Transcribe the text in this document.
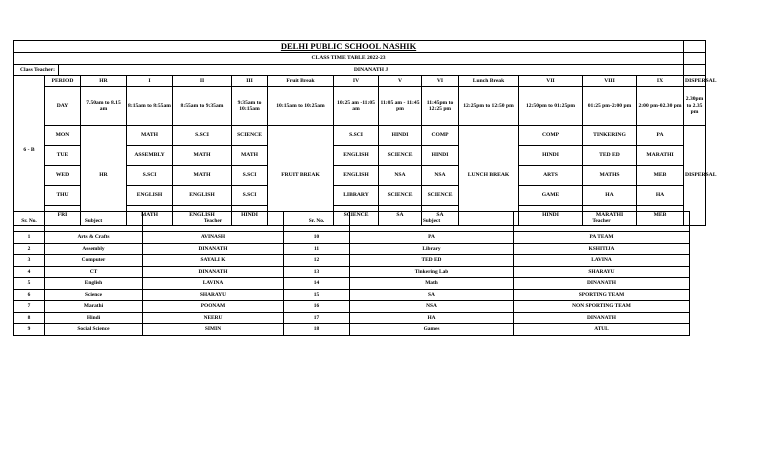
DELHI PUBLIC SCHOOL NASHIK															
CLASS TIME TABLE 2022-23															
Class Teacher:		DINANATH J													
6 - B	PERIOD		HR	I	II	III	Fruit Break	IV	V	VI	Lunch Break	VII	VIII	IX	DISPERSAL
	DAY		7.50am to 8.15 am	8:15am to 8:55am	8:55am to 9:35am	9:35am to 10:15am	10:15am to 10:25am	10:25 am -11:05 am	11:05 am - 11:45 pm	11:45pm to 12:25 pm	12:25pm to 12:50 pm	12:50pm to 01:25pm	01:25 pm-2:00 pm	2:00 pm-02.30 pm	2.30pm to 2.35 pm
	MON		HR	MATH	S.SCI	SCIENCE	FRUIT BREAK	S.SCI	HINDI	COMP	LUNCH BREAK	COMP	TINKERING	PA	DISPERSAL
	TUE			ASSEMBLY	MATH	MATH		ENGLISH	SCIENCE	HINDI		HINDI	TED ED	MARATHI	
	WED			S.SCI	MATH	S.SCI		ENGLISH	NSA	NSA		ARTS	MATHS	MEB	
	THU			ENGLISH	ENGLISH	S.SCI		LIBRARY	SCIENCE	SCIENCE		GAME	HA	HA	
	FRI			MATH	ENGLISH	HINDI		SCIENCE	SA	SA		HINDI	MARATHI	MEB	
Sr. No.	Subject	Teacher	Sr. No.	Subject	Teacher
1	Arts & Crafts	AVINASH	10	PA	PA TEAM
2	Assembly	DINANATH	11	Library	KSHITIJA
3	Computer	SAYALI K	12	TED ED	LAVINA
4	CT	DINANATH	13	Tinkering Lab	SHARAYU
5	English	LAVINA	14	Math	DINANATH
6	Science	SHARAYU	15	SA	SPORTING TEAM
7	Marathi	POONAM	16	NSA	NON SPORTING TEAM
8	Hindi	NEERU	17	HA	DINANATH
9	Social Science	SIMIN	18	Games	ATUL
